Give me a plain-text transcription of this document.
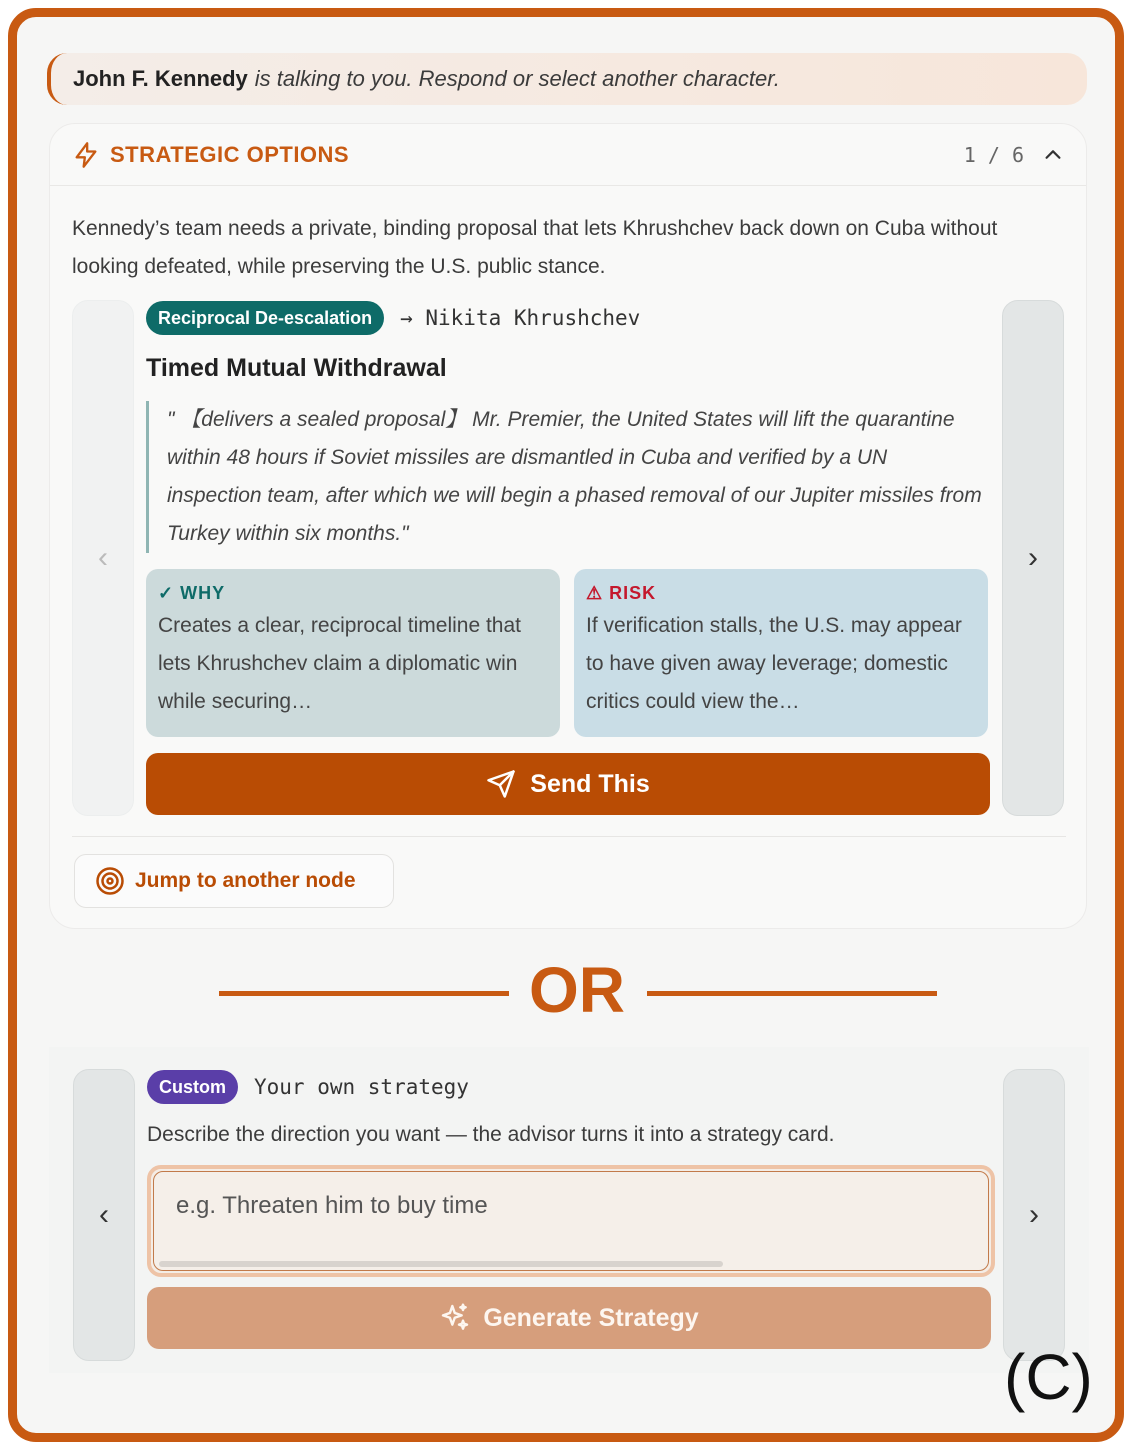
John F. Kennedy is talking to you. Respond or select another character.
STRATEGIC OPTIONS	1 / 6
Kennedy’s team needs a private, binding proposal that lets Khrushchev back down on Cuba without looking defeated, while preserving the U.S. public stance.
‹	›
Reciprocal De-escalation	→ Nikita Khrushchev
Timed Mutual Withdrawal
" 【delivers a sealed proposal】 Mr. Premier, the United States will lift the quarantine within 48 hours if Soviet missiles are dismantled in Cuba and verified by a UN inspection team, after which we will begin a phased removal of our Jupiter missiles from Turkey within six months."
✓ WHY
Creates a clear, reciprocal timeline that lets Khrushchev claim a diplomatic win while securing…
⚠ RISK
If verification stalls, the U.S. may appear to have given away leverage; domestic critics could view the…
Send This
Jump to another node
OR
‹	›
Custom	Your own strategy
Describe the direction you want — the advisor turns it into a strategy card.
e.g. Threaten him to buy time
Generate Strategy
(C)
